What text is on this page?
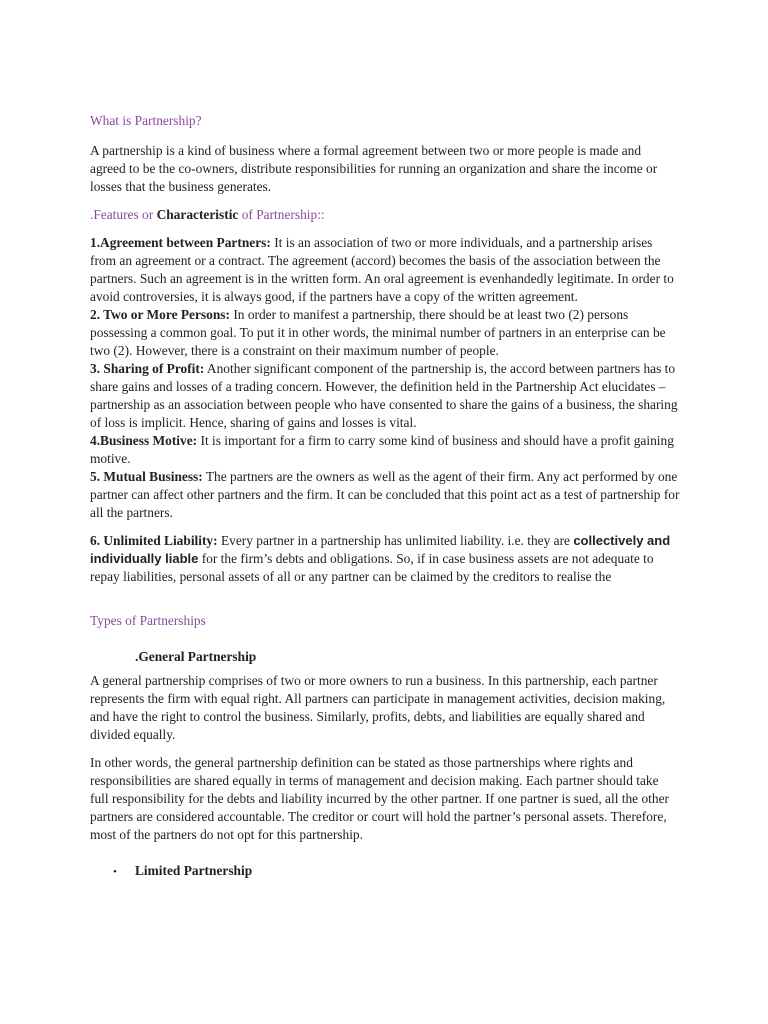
What is Partnership?

A partnership is a kind of business where a formal agreement between two or more people is made and agreed to be the co-owners, distribute responsibilities for running an organization and share the income or losses that the business generates.

.Features or Characteristic of Partnership::

1.Agreement between Partners: It is an association of two or more individuals, and a partnership arises from an agreement or a contract. The agreement (accord) becomes the basis of the association between the partners. Such an agreement is in the written form. An oral agreement is evenhandedly legitimate. In order to avoid controversies, it is always good, if the partners have a copy of the written agreement.

2. Two or More Persons: In order to manifest a partnership, there should be at least two (2) persons possessing a common goal. To put it in other words, the minimal number of partners in an enterprise can be two (2). However, there is a constraint on their maximum number of people.

3. Sharing of Profit: Another significant component of the partnership is, the accord between partners has to share gains and losses of a trading concern. However, the definition held in the Partnership Act elucidates – partnership as an association between people who have consented to share the gains of a business, the sharing of loss is implicit. Hence, sharing of gains and losses is vital.

4.Business Motive: It is important for a firm to carry some kind of business and should have a profit gaining motive.

5. Mutual Business: The partners are the owners as well as the agent of their firm. Any act performed by one partner can affect other partners and the firm. It can be concluded that this point act as a test of partnership for all the partners.

6. Unlimited Liability: Every partner in a partnership has unlimited liability. i.e. they are collectively and individually liable for the firm’s debts and obligations. So, if in case business assets are not adequate to repay liabilities, personal assets of all or any partner can be claimed by the creditors to realise the

Types of Partnerships

.General Partnership

A general partnership comprises of two or more owners to run a business. In this partnership, each partner represents the firm with equal right. All partners can participate in management activities, decision making, and have the right to control the business. Similarly, profits, debts, and liabilities are equally shared and divided equally.

In other words, the general partnership definition can be stated as those partnerships where rights and responsibilities are shared equally in terms of management and decision making. Each partner should take full responsibility for the debts and liability incurred by the other partner. If one partner is sued, all the other partners are considered accountable. The creditor or court will hold the partner’s personal assets. Therefore, most of the partners do not opt for this partnership.

•	Limited Partnership
